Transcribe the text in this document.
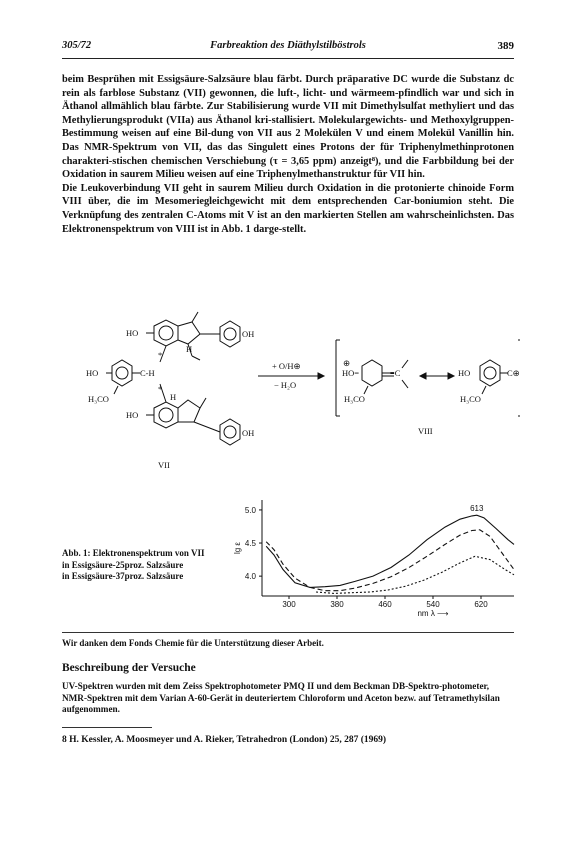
305/72	Farbreaktion des Diäthylstilböstrols	389

beim Besprühen mit Essigsäure-Salzsäure blau färbt. Durch präparative DC wurde die Substanz dc rein als farblose Substanz (VII) gewonnen, die luft-, licht- und wärmeem-pfindlich war und sich in Äthanol allmählich blau färbte. Zur Stabilisierung wurde VII mit Dimethylsulfat methyliert und das Methylierungsprodukt (VIIa) aus Äthanol kri-stallisiert. Molekulargewichts- und Methoxylgruppen-Bestimmung weisen auf eine Bil-dung von VII aus 2 Molekülen V und einem Molekül Vanillin hin. Das NMR-Spektrum von VII, das das Singulett eines Protons der für Triphenylmethinprotonen charakteri-stischen chemischen Verschiebung (τ = 3,65 ppm) anzeigt⁸), und die Farbbildung bei der Oxidation in saurem Milieu weisen auf eine Triphenylmethanstruktur für VII hin.

Die Leukoverbindung VII geht in saurem Milieu durch Oxidation in die protonierte chinoide Form VIII über, die im Mesomeriegleichgewicht mit dem entsprechenden Car-boniumion steht. Die Verknüpfung des zentralen C-Atoms mit V ist an den markierten Stellen am wahrscheinlichsten. Das Elektronenspektrum von VIII ist in Abb. 1 darge-stellt.

HO	OH
H
*
HO	C-H
H₃CO
*
H
HO
OH
VII
+ O/H⊕
− H₂O
⊕
HO=	=C
H₃CO
HO	C⊕
H₃CO
VIII
Abb. 1: Elektronenspektrum von VII
in Essigsäure-25proz. Salzsäure
in Essigsäure-37proz. Salzsäure	4.0
4.5
5.0
300	380	460	540	620
lg ε
nm λ ⟶
613
Wir danken dem Fonds Chemie für die Unterstützung dieser Arbeit.
Beschreibung der Versuche

UV-Spektren wurden mit dem Zeiss Spektrophotometer PMQ II und dem Beckman DB-Spektro-photometer, NMR-Spektren mit dem Varian A-60-Gerät in deuteriertem Chloroform und Aceton bezw. auf Tetramethylsilan aufgenommen.

8 H. Kessler, A. Moosmeyer und A. Rieker, Tetrahedron (London) 25, 287 (1969)
